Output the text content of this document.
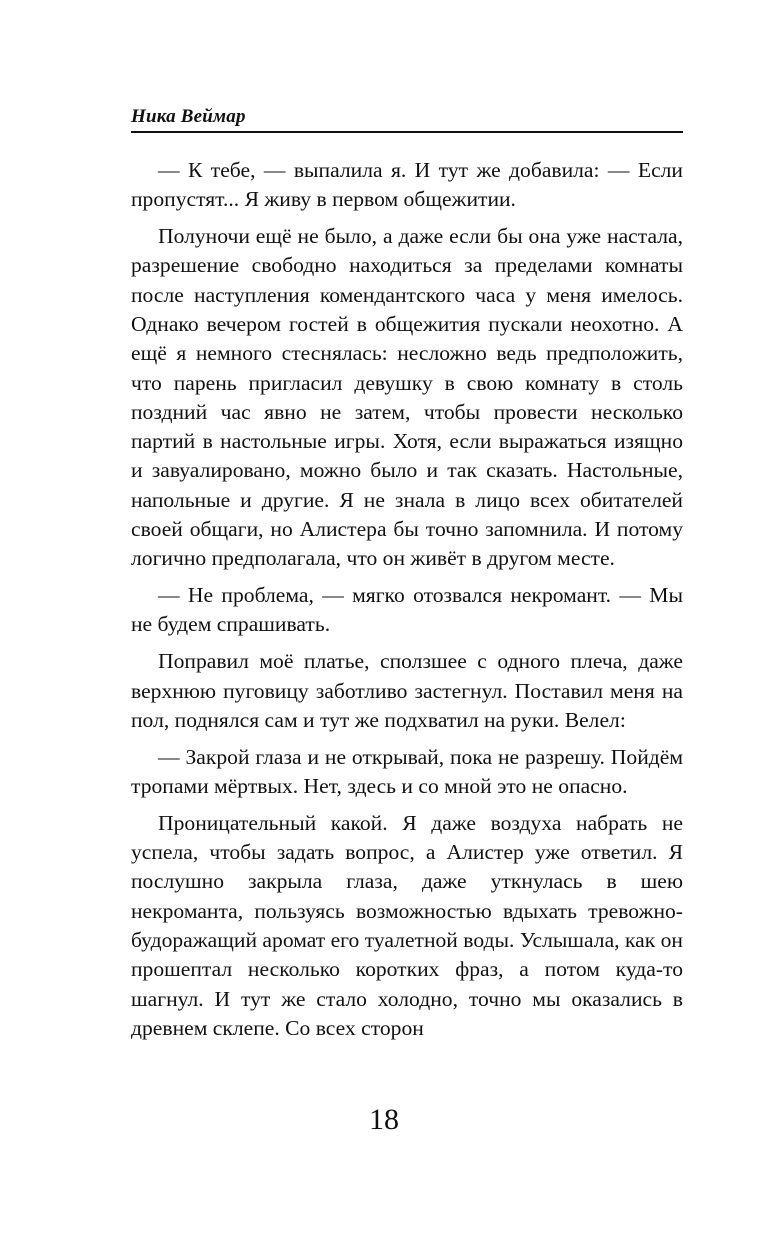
Ника Веймар

— К тебе, — выпалила я. И тут же добавила: — Если пропустят... Я живу в первом общежитии.

Полуночи ещё не было, а даже если бы она уже настала, разрешение свободно находиться за пределами комнаты после наступления комендантского часа у меня имелось. Однако вечером гостей в общежития пускали неохотно. А ещё я немного стеснялась: несложно ведь предположить, что парень пригласил девушку в свою комнату в столь поздний час явно не затем, чтобы провести несколько партий в настольные игры. Хотя, если выражаться изящно и завуалировано, можно было и так сказать. Настольные, напольные и другие. Я не знала в лицо всех обитателей своей общаги, но Алистера бы точно запомнила. И потому логично предполагала, что он живёт в другом месте.

— Не проблема, — мягко отозвался некромант. — Мы не будем спрашивать.

Поправил моё платье, сползшее с одного плеча, даже верхнюю пуговицу заботливо застегнул. Поставил меня на пол, поднялся сам и тут же подхватил на руки. Велел:

— Закрой глаза и не открывай, пока не разрешу. Пойдём тропами мёртвых. Нет, здесь и со мной это не опасно.

Проницательный какой. Я даже воздуха набрать не успела, чтобы задать вопрос, а Алистер уже ответил. Я послушно закрыла глаза, даже уткнулась в шею некроманта, пользуясь возможностью вдыхать тревожно-будоражащий аромат его туалетной воды. Услышала, как он прошептал несколько коротких фраз, а потом куда-то шагнул. И тут же стало холодно, точно мы оказались в древнем склепе. Со всех сторон

18
